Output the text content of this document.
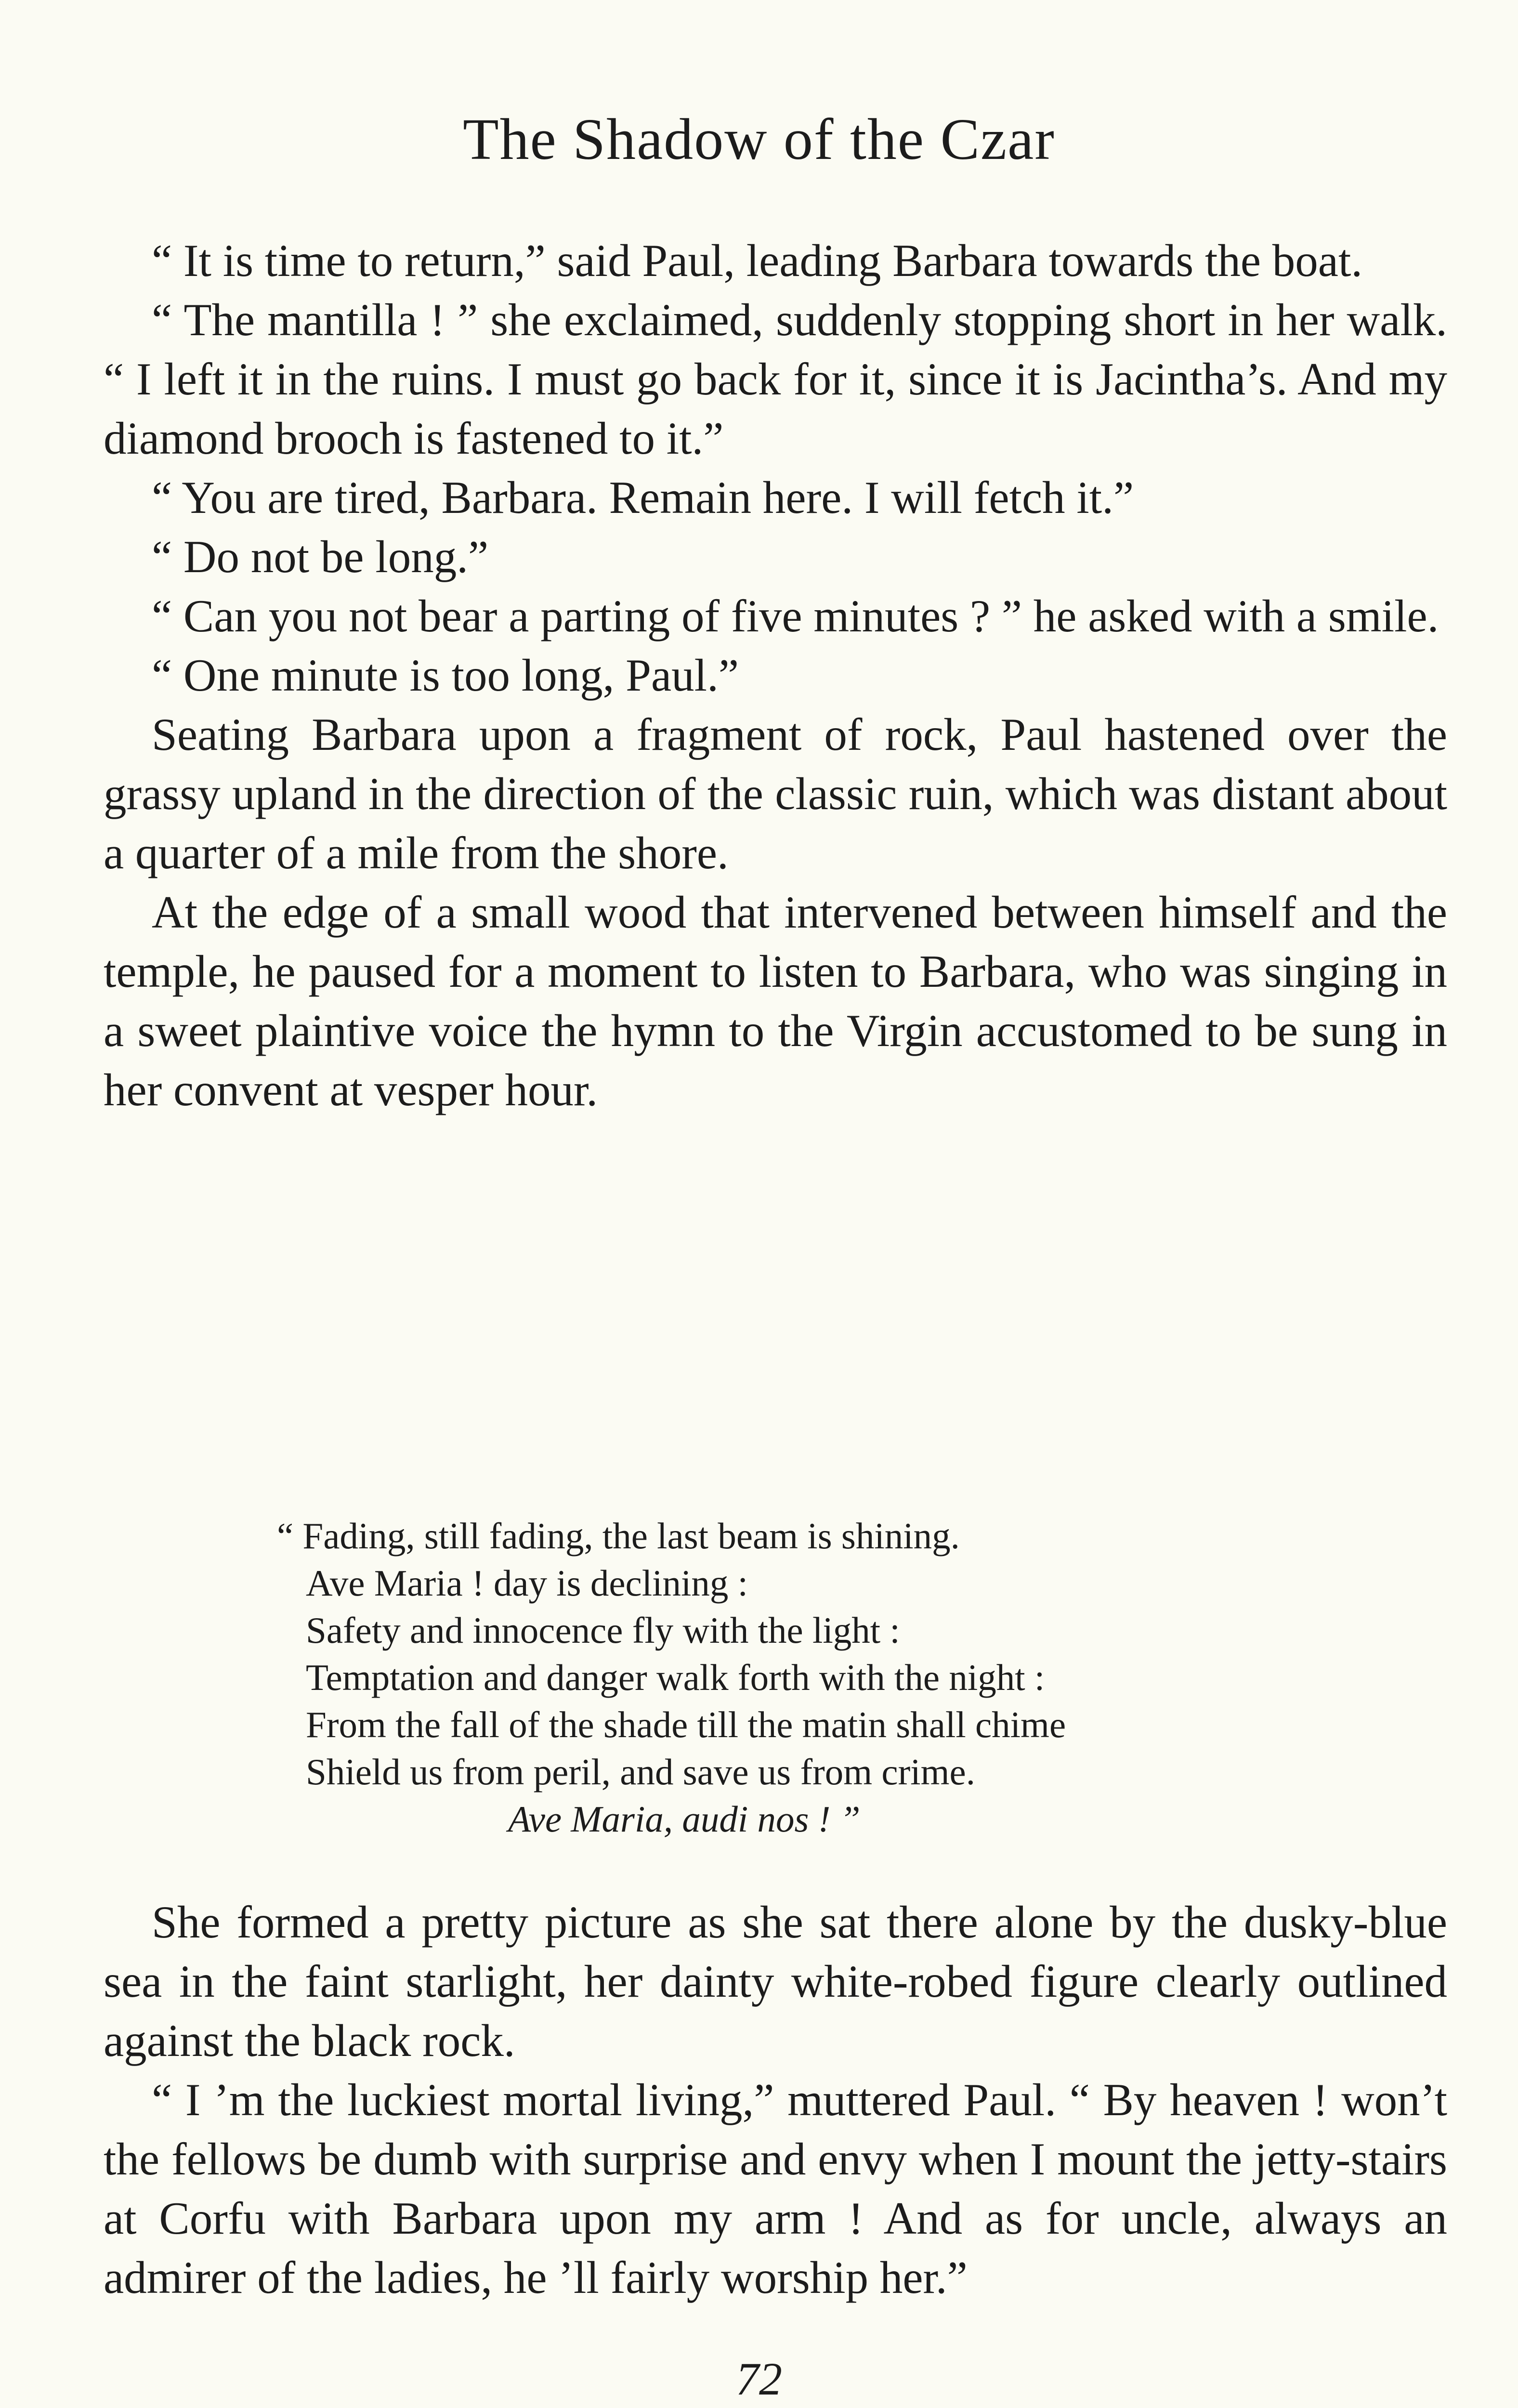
The Shadow of the Czar

“ It is time to return,” said Paul, leading Barbara towards the boat.

“ The mantilla ! ” she exclaimed, suddenly stopping short in her walk. “ I left it in the ruins. I must go back for it, since it is Jacintha’s. And my diamond brooch is fastened to it.”

“ You are tired, Barbara. Remain here. I will fetch it.”

“ Do not be long.”

“ Can you not bear a parting of five minutes ? ” he asked with a smile.

“ One minute is too long, Paul.”

Seating Barbara upon a fragment of rock, Paul hastened over the grassy upland in the direction of the classic ruin, which was distant about a quarter of a mile from the shore.

At the edge of a small wood that intervened between himself and the temple, he paused for a moment to listen to Barbara, who was singing in a sweet plaintive voice the hymn to the Virgin accustomed to be sung in her convent at vesper hour.

“ Fading, still fading, the last beam is shining.
Ave Maria ! day is declining :
Safety and innocence fly with the light :
Temptation and danger walk forth with the night :
From the fall of the shade till the matin shall chime
Shield us from peril, and save us from crime.
Ave Maria, audi nos ! ”

She formed a pretty picture as she sat there alone by the dusky-blue sea in the faint starlight, her dainty white-robed figure clearly outlined against the black rock.

“ I ’m the luckiest mortal living,” muttered Paul. “ By heaven ! won’t the fellows be dumb with surprise and envy when I mount the jetty-stairs at Corfu with Barbara upon my arm ! And as for uncle, always an admirer of the ladies, he ’ll fairly worship her.”

72
